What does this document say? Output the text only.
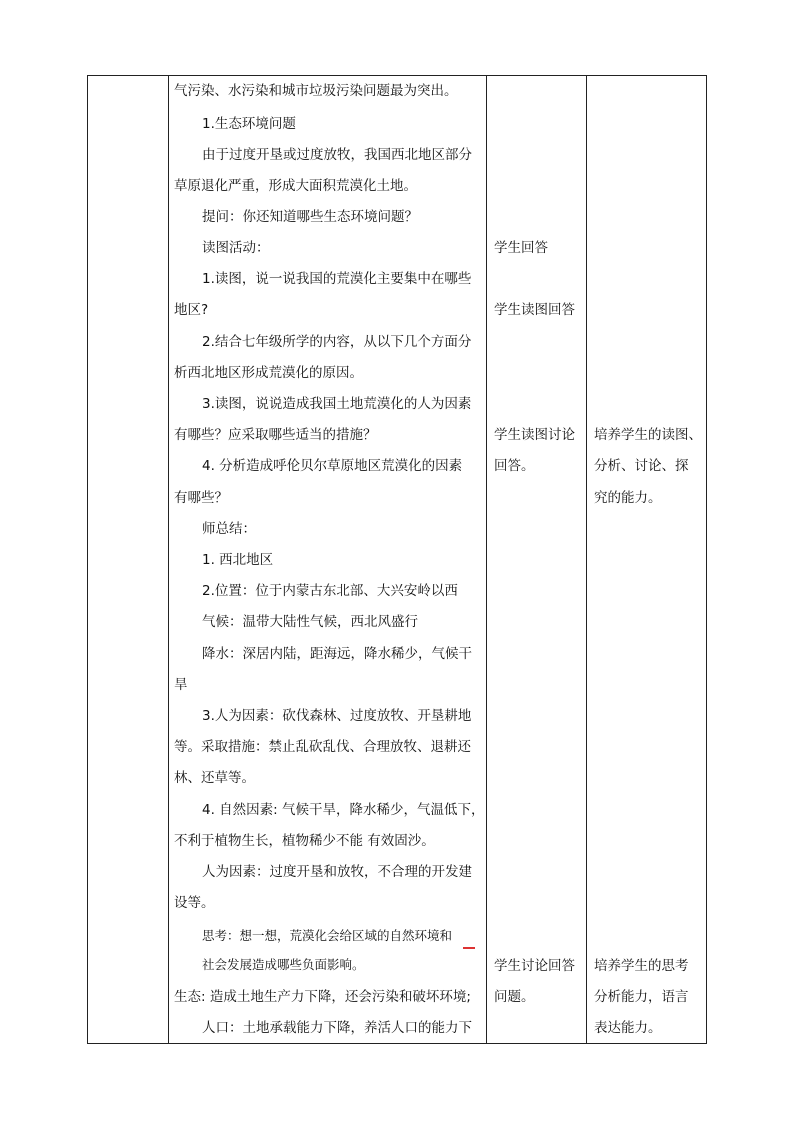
气污染、水污染和城市垃圾污染问题最为突出。
1.生态环境问题
由于过度开垦或过度放牧，我国西北地区部分
草原退化严重，形成大面积荒漠化土地。
提问：你还知道哪些生态环境问题？
读图活动：
1.读图，说一说我国的荒漠化主要集中在哪些
地区?
2.结合七年级所学的内容，从以下几个方面分
析西北地区形成荒漠化的原因。
3.读图，说说造成我国土地荒漠化的人为因素
有哪些？应采取哪些适当的措施？
4. 分析造成呼伦贝尔草原地区荒漠化的因素
有哪些？
师总结：
1. 西北地区
2.位置：位于内蒙古东北部、大兴安岭以西
气候：温带大陆性气候，西北风盛行
降水：深居内陆，距海远，降水稀少，气候干
旱
3.人为因素：砍伐森林、过度放牧、开垦耕地
等。采取措施：禁止乱砍乱伐、合理放牧、退耕还
林、还草等。
4. 自然因素: 气候干旱，降水稀少，气温低下，
不利于植物生长，植物稀少不能 有效固沙。
人为因素：过度开垦和放牧，不合理的开发建
设等。
思考：想一想，荒漠化会给区域的自然环境和
社会发展造成哪些负面影响。
生态: 造成土地生产力下降，还会污染和破坏环境;
人口：土地承载能力下降，养活人口的能力下
学生回答
学生读图回答
学生读图讨论
回答。
学生讨论回答
问题。
培养学生的读图、
分析、讨论、探
究的能力。
培养学生的思考
分析能力，语言
表达能力。
